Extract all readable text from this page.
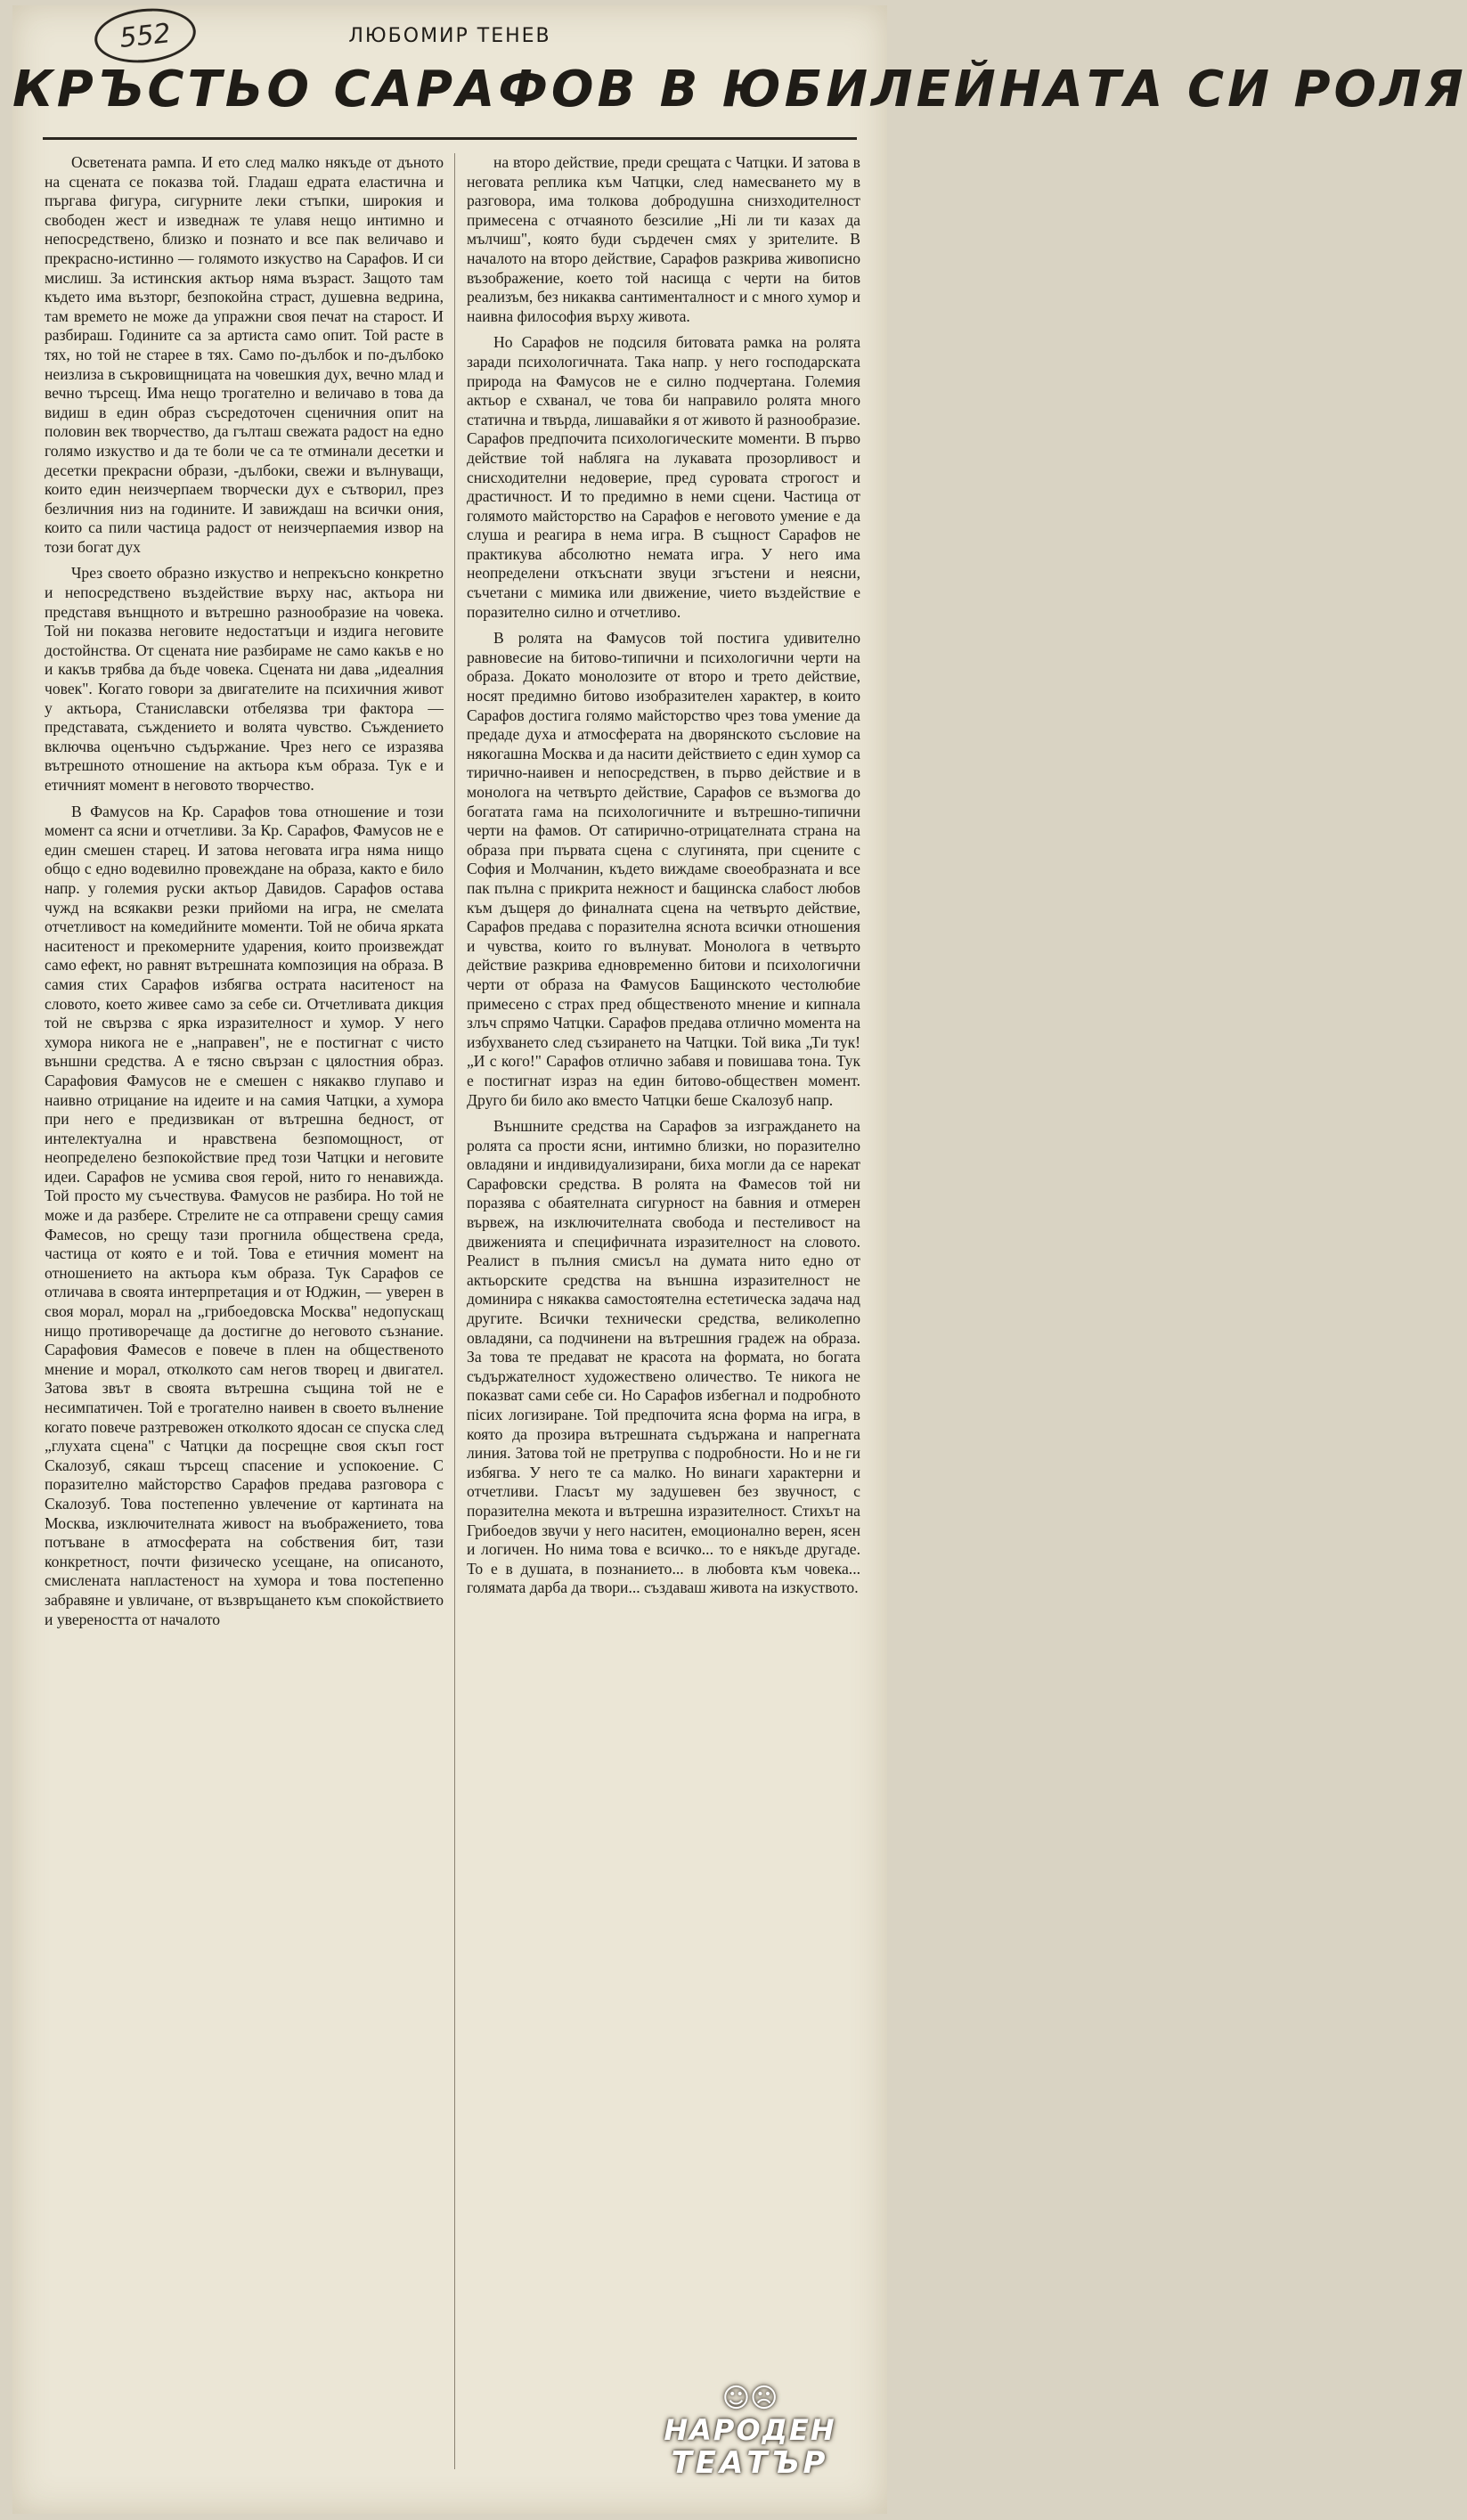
552	ЛЮБОМИР ТЕНЕВ
КРЪСТЬО САРАФОВ В ЮБИЛЕЙНАТА СИ РОЛЯ

Осветената рампа. И ето след малко някъде от дъното на сцената се показва той. Гладаш едрата еластична и пъргава фигура, сигурните леки стъпки, широкия и свободен жест и изведнаж те улавя нещо интимно и непосредствено, близко и познато и все пак величаво и прекрасно-истинно — голямото изкуство на Сарафов. И си мислиш. За истинския актьор няма възраст. Защото там където има възторг, безпокойна страст, душевна ведрина, там времето не може да упражни своя печат на старост. И разбираш. Годините са за артиста само опит. Той расте в тях, но той не старее в тях. Само по-дълбок и по-дълбоко неизлиза в съкровищницата на човешкия дух, вечно млад и вечно търсещ. Има нещо трогателно и величаво в това да видиш в един образ съсредоточен сценичния опит на половин век творчество, да гълташ свежата радост на едно голямо изкуство и да те боли че са те отминали десетки и десетки прекрасни образи, -дълбоки, свежи и вълнуващи, които един неизчерпаем творчески дух е сътворил, през безличния низ на годините. И завиждаш на всички ония, които са пили частица радост от неизчерпаемия извор на този богат дух

Чрез своето образно изкуство и непрекъсно конкретно и непосредствено въздействие върху нас, актьора ни представя вънщното и вътрешно разнообразие на човека. Той ни показва неговите недостатъци и издига неговите достойнства. От сцената ние разбираме не само какъв е но и какъв трябва да бъде човека. Сцената ни дава „идеалния човек". Когато говори за двигателите на психичния живот у актьора, Станиславски отбелязва три фактора — представата, съждението и волята чувство. Съждението включва оценъчно съдържание. Чрез него се изразява вътрешното отношение на актьора към образа. Тук е и етичният момент в неговото творчество.

В Фамусов на Кр. Сарафов това отношение и този момент са ясни и отчетливи. За Кр. Сарафов, Фамусов не е един смешен старец. И затова неговата игра няма нищо общо с едно водевилно провеждане на образа, както е било напр. у големия руски актьор Давидов. Сарафов остава чужд на всякакви резки прийоми на игра, не смелата отчетливост на комедийните моменти. Той не обича ярката наситеност и прекомерните ударения, които произвеждат само ефект, но равнят вътрешната композиция на образа. В самия стих Сарафов избягва острата наситеност на словото, което живее само за себе си. Отчетливата дикция той не свързва с ярка изразителност и хумор. У него хумора никога не е „направен", не е постигнат с чисто външни средства. А е тясно свързан с цялостния образ. Сарафовия Фамусов не е смешен с някакво глупаво и наивно отрицание на идеите и на самия Чатцки, а хумора при него е предизвикан от вътрешна бедност, от интелектуална и нравствена безпомощност, от неопределено безпокойствие пред този Чатцки и неговите идеи. Сарафов не усмива своя герой, нито го ненавижда. Той просто му съчествува. Фамусов не разбира. Но той не може и да разбере. Стрелите не са отправени срещу самия Фамесов, но срещу тази прогнила обществена среда, частица от която е и той. Това е етичния момент на отношението на актьора към образа. Тук Сарафов се отличава в своята интерпретация и от Юджин, — уверен в своя морал, морал на „грибоедовска Москва" недопускащ нищо противоречаще да достигне до неговото съзнание. Сарафовия Фамесов е повече в плен на общественото мнение и морал, отколкото сам негов творец и двигател. Затова звът в своята вътрешна същина той не е несимпатичен. Той е трогателно наивен в своето вълнение когато повече разтревожен отколкото ядосан се спуска след „глухата сцена" с Чатцки да посрещне своя скъп гост Скалозуб, сякаш търсещ спасение и успокоение. С поразително майсторство Сарафов предава разговора с Скалозуб. Това постепенно увлечение от картината на Москва, изключителната живост на въображението, това потъване в атмосферата на собствения бит, тази конкретност, почти физическо усещане, на описаното, смислената напластеност на хумора и това постепенно забравяне и увличане, от възвръщането към спокойствието и увереността от началото

на второ действие, преди срещата с Чатцки. И затова в неговата реплика към Чатцки, след намесването му в разговора, има толкова добродушна снизходителност примесена с отчаяното безсилие „Ні ли ти казах да мълчиш", която буди сърдечен смях у зрителите. В началото на второ действие, Сарафов разкрива живописно възображение, което той насища с черти на битов реализъм, без никаква сантименталност и с много хумор и наивна философия върху живота.

Но Сарафов не подсиля битовата рамка на ролята заради психологичната. Така напр. у него господарската природа на Фамусов не е силно подчертана. Големия актьор е схванал, че това би направило ролята много статична и твърда, лишавайки я от живото й разнообразие. Сарафов предпочита психологическите моменти. В първо действие той наблягa на лукавата прозорливост и снисходителни недоверие, пред суровата строгост и драстичност. И то предимно в неми сцени. Частица от голямото майсторство на Сарафов е неговото умение е да слуша и реагира в нема игра. В същност Сарафов не практикува абсолютно немата игра. У него има неопределени откъснати звуци згъстени и неясни, съчетани с мимика или движение, чието въздействие е поразително силно и отчетливо.

В ролята на Фамусов той постига удивително равновесие на битово-типични и психологични черти на образа. Докато монолозите от второ и трето действие, носят предимно битово изобразителен характер, в които Сарафов достига голямо майсторство чрез това умение да предаде духа и атмосферата на дворянското съсловие на някогашна Москва и да насити действието с един хумор са тирично-наивен и непосредствен, в първо действие и в монолога на четвърто действие, Сарафов се възмогва до богатата гама на психологичните и вътрешно-типични черти на фамов. От сатирично-отрицателната страна на образа при първата сцена с слугинята, при сцените с София и Молчанин, където виждаме своеобразната и все пак пълна с прикрита нежност и бащинска слабост любов към дъщеря до финалната сцена на четвърто действие, Сарафов предава с поразителна яснота всички отношения и чувства, които го вълнуват. Монолога в четвърто действие разкрива едновременно битови и психологични черти от образа на Фамусов Бащинското честолюбие примесено с страх пред общественото мнение и кипнала злъч спрямо Чатцки. Сарафов предава отлично момента на избухването след съзирането на Чатцки. Той вика „Ти тук! „И с кого!" Сарафов отлично забавя и повишава тона. Тук е постигнат израз на един битово-обществен момент. Друго би било ако вместо Чатцки беше Скалозуб напр.

Външните средства на Сарафов за изграждането на ролята са прости ясни, интимно близки, но поразително овладяни и индивидуализирани, биха могли да се нарекат Сарафовски средства. В ролята на Фамесов той ни поразява с обаятелната сигурност на бавния и отмерен вървеж, на изключителната свобода и пестеливост на движенията и специфичната изразителност на словото. Реалист в пълния смисъл на думата нито едно от актьорските средства на външна изразителност не доминира с някаква самостоятелна естетическа задача над другите. Всички технически средства, великолепно овладяни, са подчинени на вътрешния градеж на образа. За това те предават не красота на формата, но богата съдържателност художествено оличество. Те никога не показват сами себе си. Но Сарафов избегнал и подробното пісих логизиране. Той предпочита ясна форма на игра, в която да прозира вътрешната съдържана и напрегната линия. Затова той не претрупва с подробности. Но и не ги избягва. У него те са малко. Но винаги характерни и отчетливи. Гласът му задушевен без звучност, с поразителна мекота и вътрешна изразителност. Стихът на Грибоедов звучи у него наситен, емоционално верен, ясен и логичен. Но нима това е всичко... то е някъде другаде. То е в душата, в познанието... в любовта към човека... голямата дарба да твори... създаваш живота на изкуството.

☺☹
НАРОДЕН
ТЕАТЪР
